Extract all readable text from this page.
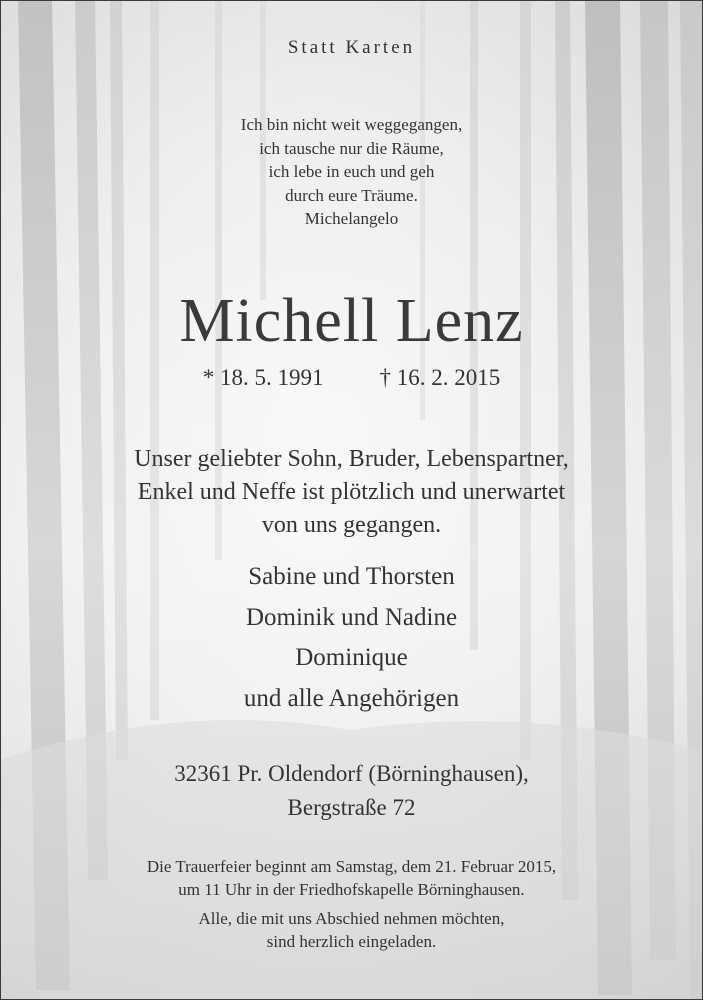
Statt Karten
Ich bin nicht weit weggegangen,
ich tausche nur die Räume,
ich lebe in euch und geh
durch eure Träume.
Michelangelo
Michell Lenz
* 18. 5. 1991 † 16. 2. 2015
Unser geliebter Sohn, Bruder, Lebenspartner,
Enkel und Neffe ist plötzlich und unerwartet
von uns gegangen.
Sabine und Thorsten
Dominik und Nadine
Dominique
und alle Angehörigen
32361 Pr. Oldendorf (Börninghausen),
Bergstraße 72
Die Trauerfeier beginnt am Samstag, dem 21. Februar 2015,
um 11 Uhr in der Friedhofskapelle Börninghausen.
Alle, die mit uns Abschied nehmen möchten,
sind herzlich eingeladen.
